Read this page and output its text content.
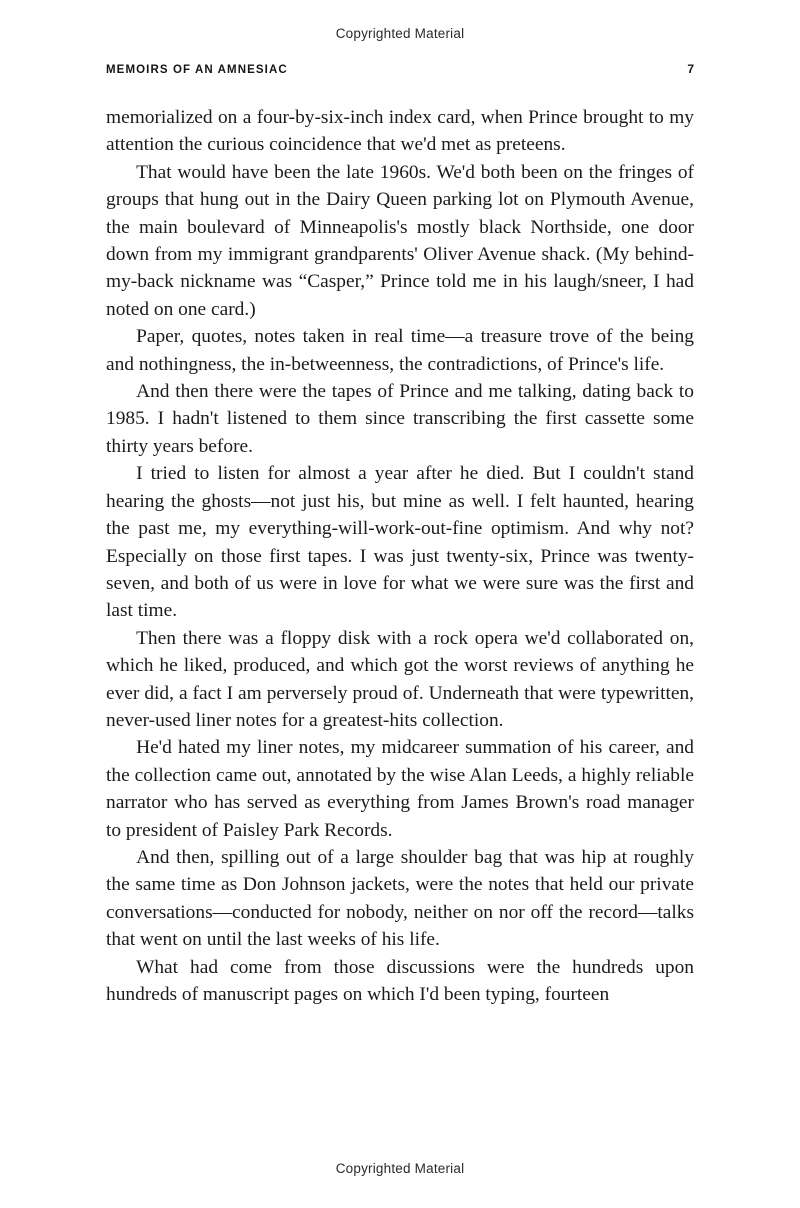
Copyrighted Material
MEMOIRS OF AN AMNESIAC	7

memorialized on a four-by-six-inch index card, when Prince brought to my attention the curious coincidence that we'd met as preteens.

That would have been the late 1960s. We'd both been on the fringes of groups that hung out in the Dairy Queen parking lot on Plymouth Avenue, the main boulevard of Minneapolis's mostly black Northside, one door down from my immigrant grandparents' Oliver Avenue shack. (My behind-my-back nickname was “Casper,” Prince told me in his laugh/sneer, I had noted on one card.)

Paper, quotes, notes taken in real time—a treasure trove of the being and nothingness, the in-betweenness, the contradictions, of Prince's life.

And then there were the tapes of Prince and me talking, dating back to 1985. I hadn't listened to them since transcribing the first cassette some thirty years before.

I tried to listen for almost a year after he died. But I couldn't stand hearing the ghosts—not just his, but mine as well. I felt haunted, hearing the past me, my everything-will-work-out-fine optimism. And why not? Especially on those first tapes. I was just twenty-six, Prince was twenty-seven, and both of us were in love for what we were sure was the first and last time.

Then there was a floppy disk with a rock opera we'd collaborated on, which he liked, produced, and which got the worst reviews of anything he ever did, a fact I am perversely proud of. Underneath that were typewritten, never-used liner notes for a greatest-hits collection.

He'd hated my liner notes, my midcareer summation of his career, and the collection came out, annotated by the wise Alan Leeds, a highly reliable narrator who has served as everything from James Brown's road manager to president of Paisley Park Records.

And then, spilling out of a large shoulder bag that was hip at roughly the same time as Don Johnson jackets, were the notes that held our private conversations—conducted for nobody, neither on nor off the record—talks that went on until the last weeks of his life.

What had come from those discussions were the hundreds upon hundreds of manuscript pages on which I'd been typing, fourteen

Copyrighted Material
